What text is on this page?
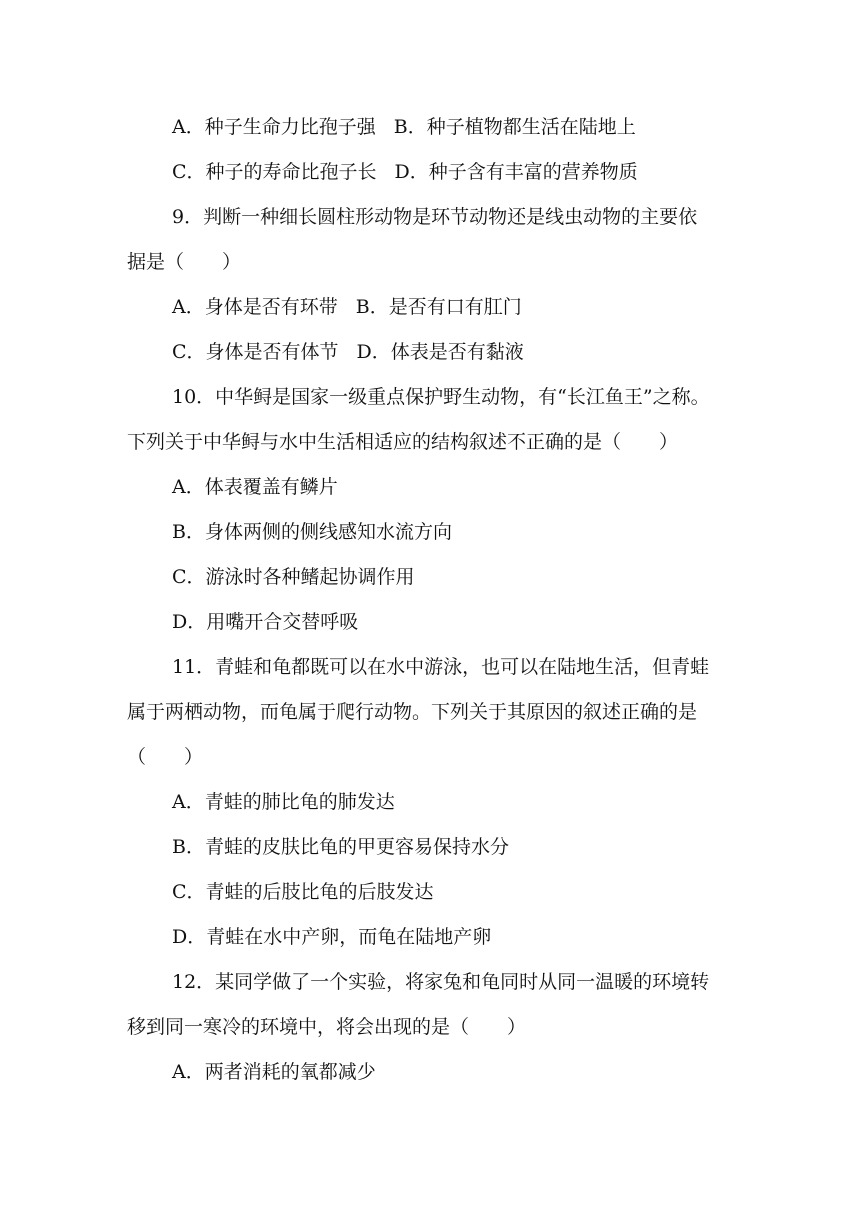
A．种子生命力比孢子强 B．种子植物都生活在陆地上
C．种子的寿命比孢子长 D．种子含有丰富的营养物质
9．判断一种细长圆柱形动物是环节动物还是线虫动物的主要依
据是（　　）
A．身体是否有环带 B．是否有口有肛门
C．身体是否有体节 D．体表是否有黏液
10．中华鲟是国家一级重点保护野生动物，有“长江鱼王”之称。
下列关于中华鲟与水中生活相适应的结构叙述不正确的是（　　）
A．体表覆盖有鳞片
B．身体两侧的侧线感知水流方向
C．游泳时各种鳍起协调作用
D．用嘴开合交替呼吸
11．青蛙和龟都既可以在水中游泳，也可以在陆地生活，但青蛙
属于两栖动物，而龟属于爬行动物。下列关于其原因的叙述正确的是
（　　）
A．青蛙的肺比龟的肺发达
B．青蛙的皮肤比龟的甲更容易保持水分
C．青蛙的后肢比龟的后肢发达
D．青蛙在水中产卵，而龟在陆地产卵
12．某同学做了一个实验，将家兔和龟同时从同一温暖的环境转
移到同一寒冷的环境中，将会出现的是（　　）
A．两者消耗的氧都减少
